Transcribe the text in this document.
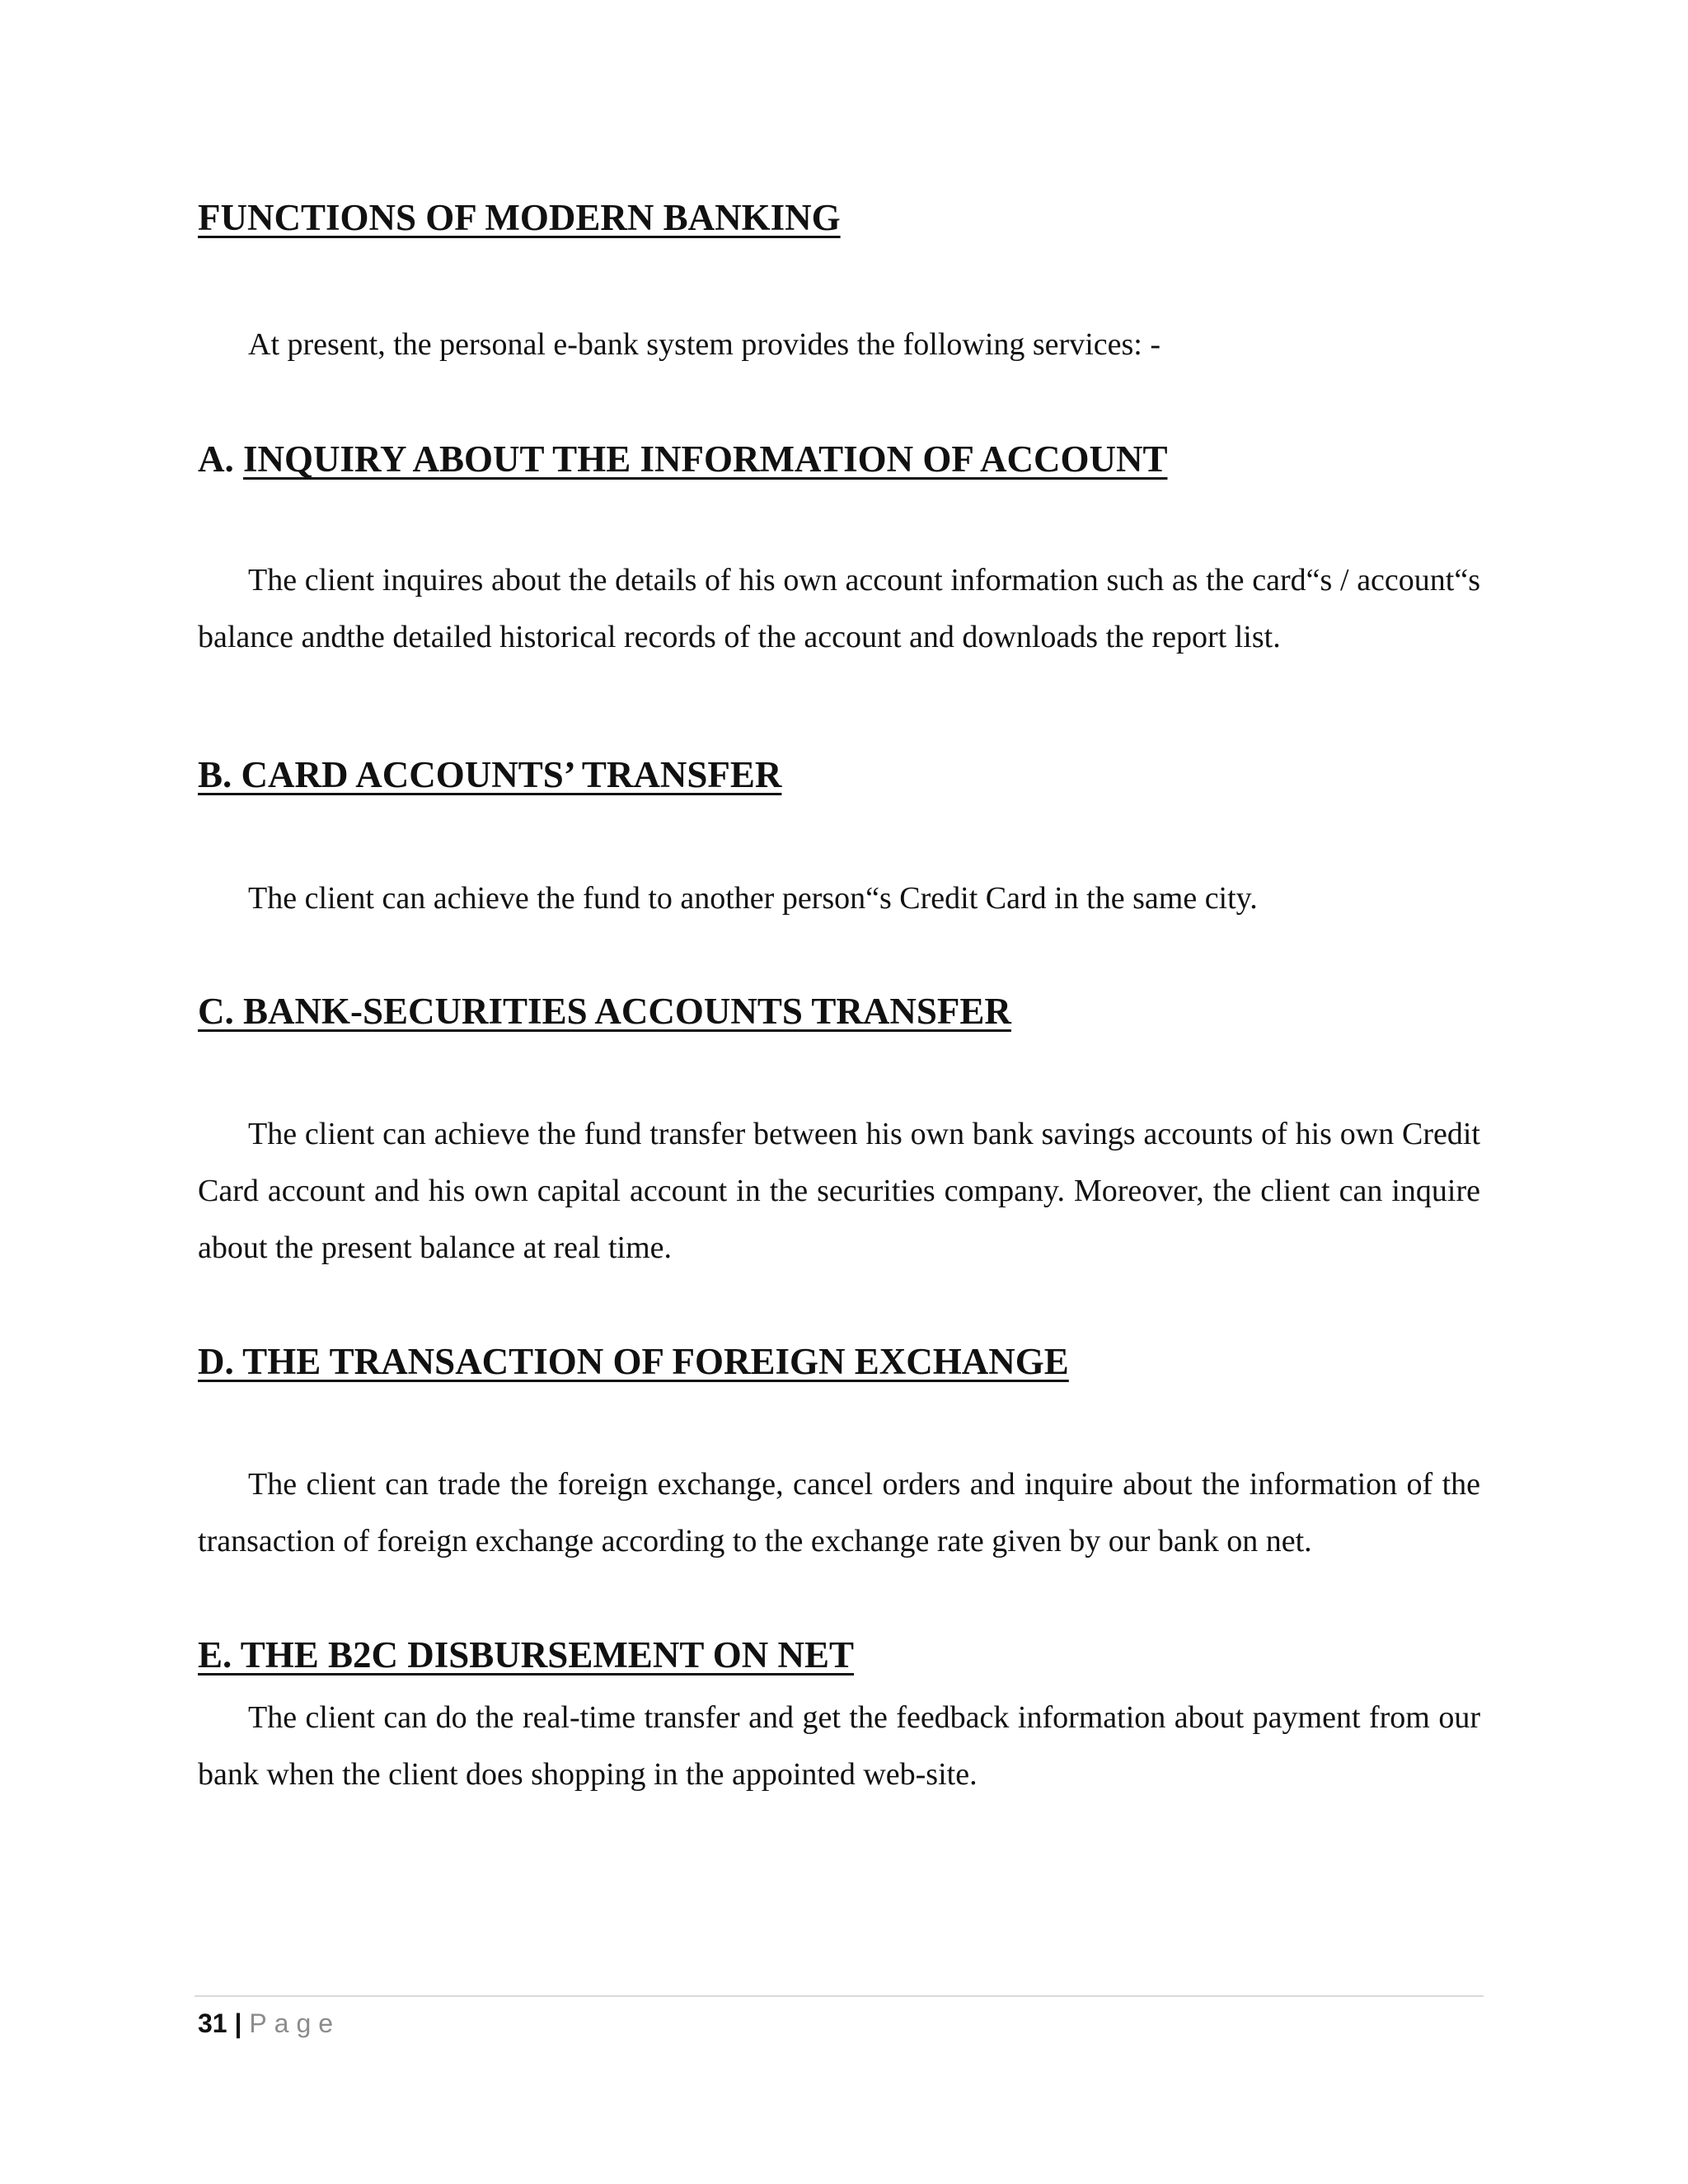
FUNCTIONS OF MODERN BANKING

At present, the personal e-bank system provides the following services: -

A. INQUIRY ABOUT THE INFORMATION OF ACCOUNT

The client inquires about the details of his own account information such as the card“s / account“s balance andthe detailed historical records of the account and downloads the report list.

B. CARD ACCOUNTS’ TRANSFER

The client can achieve the fund to another person“s Credit Card in the same city.

C. BANK-SECURITIES ACCOUNTS TRANSFER

The client can achieve the fund transfer between his own bank savings accounts of his own Credit Card account and his own capital account in the securities company. Moreover, the client can inquire about the present balance at real time.

D. THE TRANSACTION OF FOREIGN EXCHANGE

The client can trade the foreign exchange, cancel orders and inquire about the information of the transaction of foreign exchange according to the exchange rate given by our bank on net.

E. THE B2C DISBURSEMENT ON NET

The client can do the real-time transfer and get the feedback information about payment from our bank when the client does shopping in the appointed web-site.

31 | Page
